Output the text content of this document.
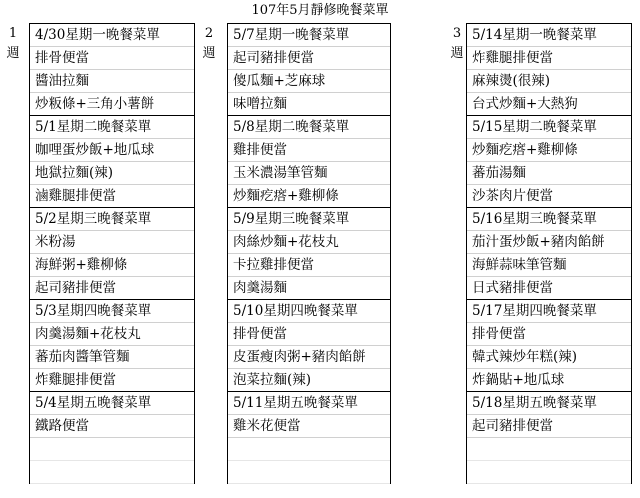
107年5月靜修晚餐菜單
1
週
2
週
3
週
4/30星期一晚餐菜單
排骨便當
醬油拉麵
炒粄條+三角小薯餅
5/1星期二晚餐菜單
咖哩蛋炒飯+地瓜球
地獄拉麵(辣)
滷雞腿排便當
5/2星期三晚餐菜單
米粉湯
海鮮粥+雞柳條
起司豬排便當
5/3星期四晚餐菜單
肉羹湯麵+花枝丸
蕃茄肉醬筆管麵
炸雞腿排便當
5/4星期五晚餐菜單
鐵路便當
5/7星期一晚餐菜單
起司豬排便當
傻瓜麵+芝麻球
味噌拉麵
5/8星期二晚餐菜單
雞排便當
玉米濃湯筆管麵
炒麵疙瘩+雞柳條
5/9星期三晚餐菜單
肉絲炒麵+花枝丸
卡拉雞排便當
肉羹湯麵
5/10星期四晚餐菜單
排骨便當
皮蛋瘦肉粥+豬肉餡餅
泡菜拉麵(辣)
5/11星期五晚餐菜單
雞米花便當
5/14星期一晚餐菜單
炸雞腿排便當
麻辣燙(很辣)
台式炒麵+大熱狗
5/15星期二晚餐菜單
炒麵疙瘩+雞柳條
蕃茄湯麵
沙茶肉片便當
5/16星期三晚餐菜單
茄汁蛋炒飯+豬肉餡餅
海鮮蒜味筆管麵
日式豬排便當
5/17星期四晚餐菜單
排骨便當
韓式辣炒年糕(辣)
炸鍋貼+地瓜球
5/18星期五晚餐菜單
起司豬排便當
